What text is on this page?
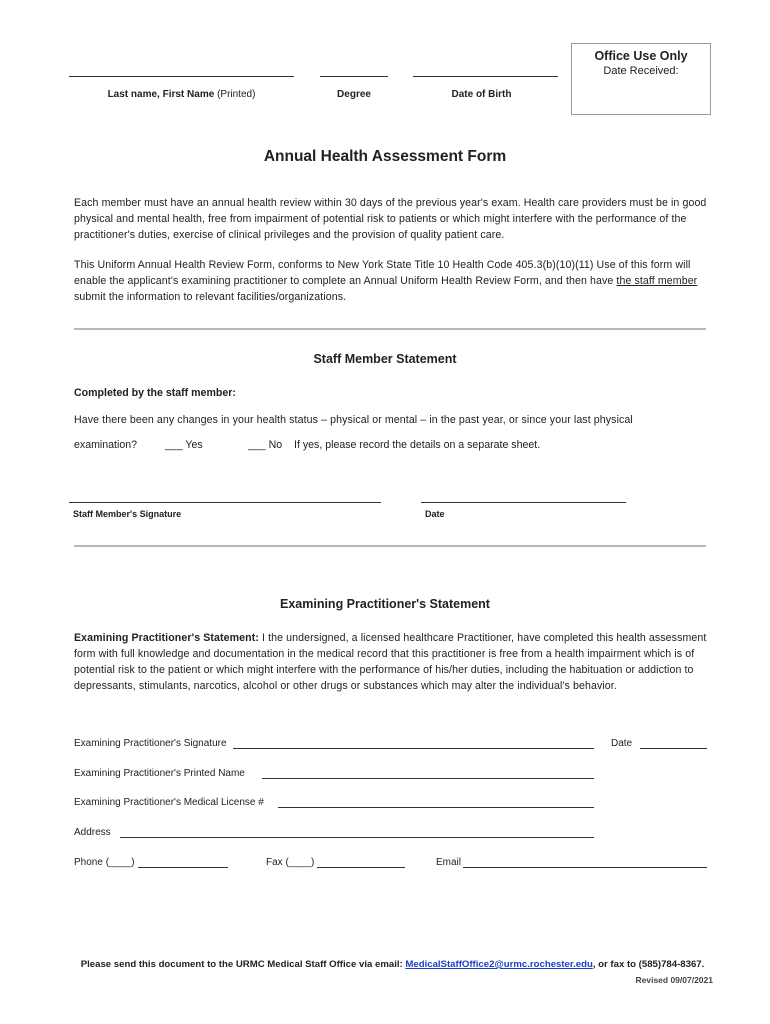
Office Use Only
Date Received:
Last name, First Name (Printed)	Degree	Date of Birth
Annual Health Assessment Form
Each member must have an annual health review within 30 days of the previous year's exam. Health care providers must be in good physical and mental health, free from impairment of potential risk to patients or which might interfere with the performance of the practitioner's duties, exercise of clinical privileges and the provision of quality patient care.
This Uniform Annual Health Review Form, conforms to New York State Title 10 Health Code 405.3(b)(10)(11) Use of this form will enable the applicant's examining practitioner to complete an Annual Uniform Health Review Form, and then have the staff member submit the information to relevant facilities/organizations.
Staff Member Statement
Completed by the staff member:
Have there been any changes in your health status – physical or mental – in the past year, or since your last physical
examination?	___ Yes	___ No If yes, please record the details on a separate sheet.
Staff Member's Signature	Date
Examining Practitioner's Statement
Examining Practitioner's Statement: I the undersigned, a licensed healthcare Practitioner, have completed this health assessment form with full knowledge and documentation in the medical record that this practitioner is free from a health impairment which is of potential risk to the patient or which might interfere with the performance of his/her duties, including the habituation or addiction to depressants, stimulants, narcotics, alcohol or other drugs or substances which may alter the individual's behavior.
Examining Practitioner's Signature	Date
Examining Practitioner's Printed Name
Examining Practitioner's Medical License #
Address
Phone (____)	Fax (____)	Email
Please send this document to the URMC Medical Staff Office via email: MedicalStaffOffice2@urmc.rochester.edu, or fax to (585)784-8367.
Revised 09/07/2021
